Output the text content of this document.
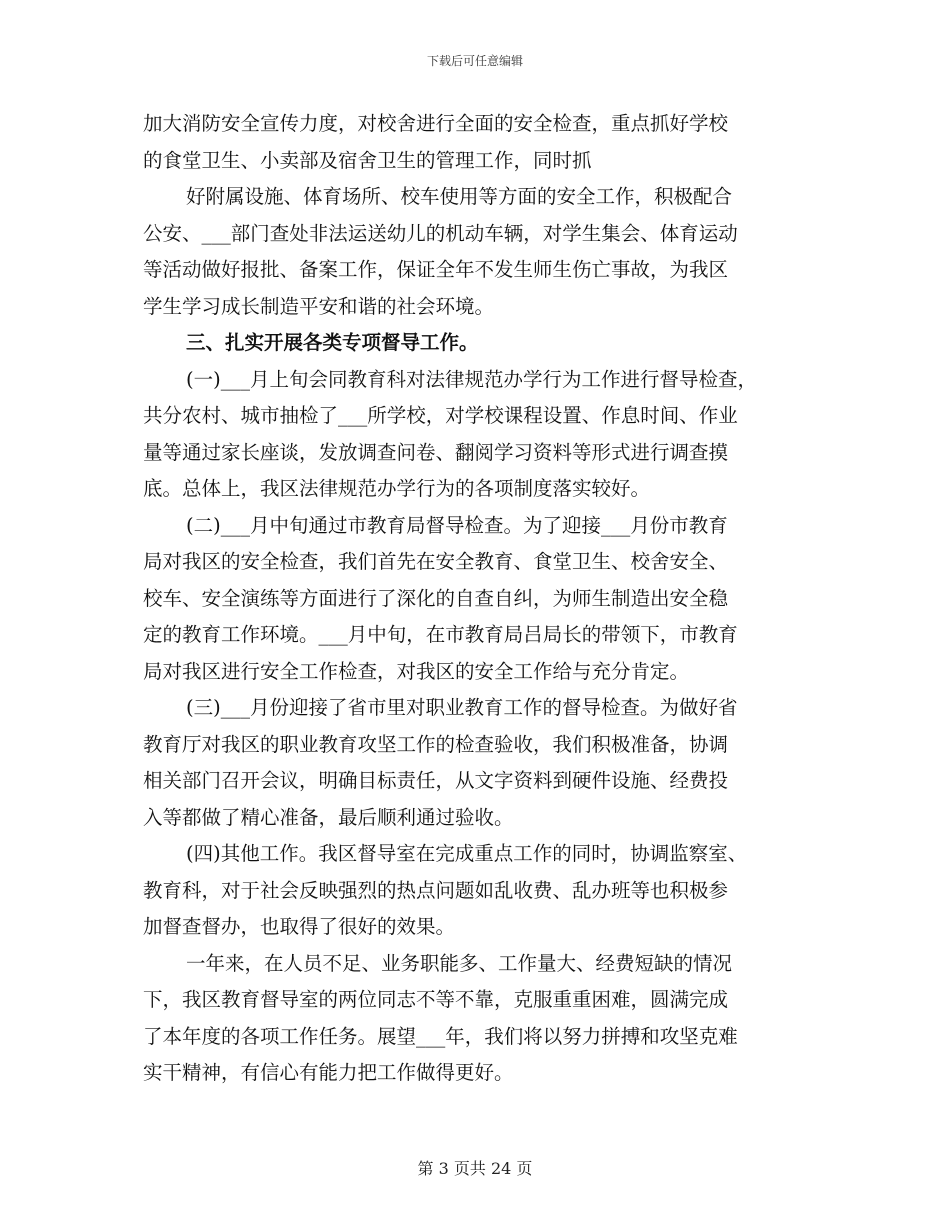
下载后可任意编辑
加大消防安全宣传力度，对校舍进行全面的安全检查，重点抓好学校
的食堂卫生、小卖部及宿舍卫生的管理工作，同时抓
好附属设施、体育场所、校车使用等方面的安全工作，积极配合
公安、___部门查处非法运送幼儿的机动车辆，对学生集会、体育运动
等活动做好报批、备案工作，保证全年不发生师生伤亡事故，为我区
学生学习成长制造平安和谐的社会环境。
三、扎实开展各类专项督导工作。
(一)___月上旬会同教育科对法律规范办学行为工作进行督导检查，
共分农村、城市抽检了___所学校，对学校课程设置、作息时间、作业
量等通过家长座谈，发放调查问卷、翻阅学习资料等形式进行调查摸
底。总体上，我区法律规范办学行为的各项制度落实较好。
(二)___月中旬通过市教育局督导检查。为了迎接___月份市教育
局对我区的安全检查，我们首先在安全教育、食堂卫生、校舍安全、
校车、安全演练等方面进行了深化的自查自纠，为师生制造出安全稳
定的教育工作环境。___月中旬，在市教育局吕局长的带领下，市教育
局对我区进行安全工作检查，对我区的安全工作给与充分肯定。
(三)___月份迎接了省市里对职业教育工作的督导检查。为做好省
教育厅对我区的职业教育攻坚工作的检查验收，我们积极准备，协调
相关部门召开会议，明确目标责任，从文字资料到硬件设施、经费投
入等都做了精心准备，最后顺利通过验收。
(四)其他工作。我区督导室在完成重点工作的同时，协调监察室、
教育科，对于社会反映强烈的热点问题如乱收费、乱办班等也积极参
加督查督办，也取得了很好的效果。
一年来，在人员不足、业务职能多、工作量大、经费短缺的情况
下，我区教育督导室的两位同志不等不靠，克服重重困难，圆满完成
了本年度的各项工作任务。展望___年，我们将以努力拼搏和攻坚克难
实干精神，有信心有能力把工作做得更好。
第 3 页共 24 页
